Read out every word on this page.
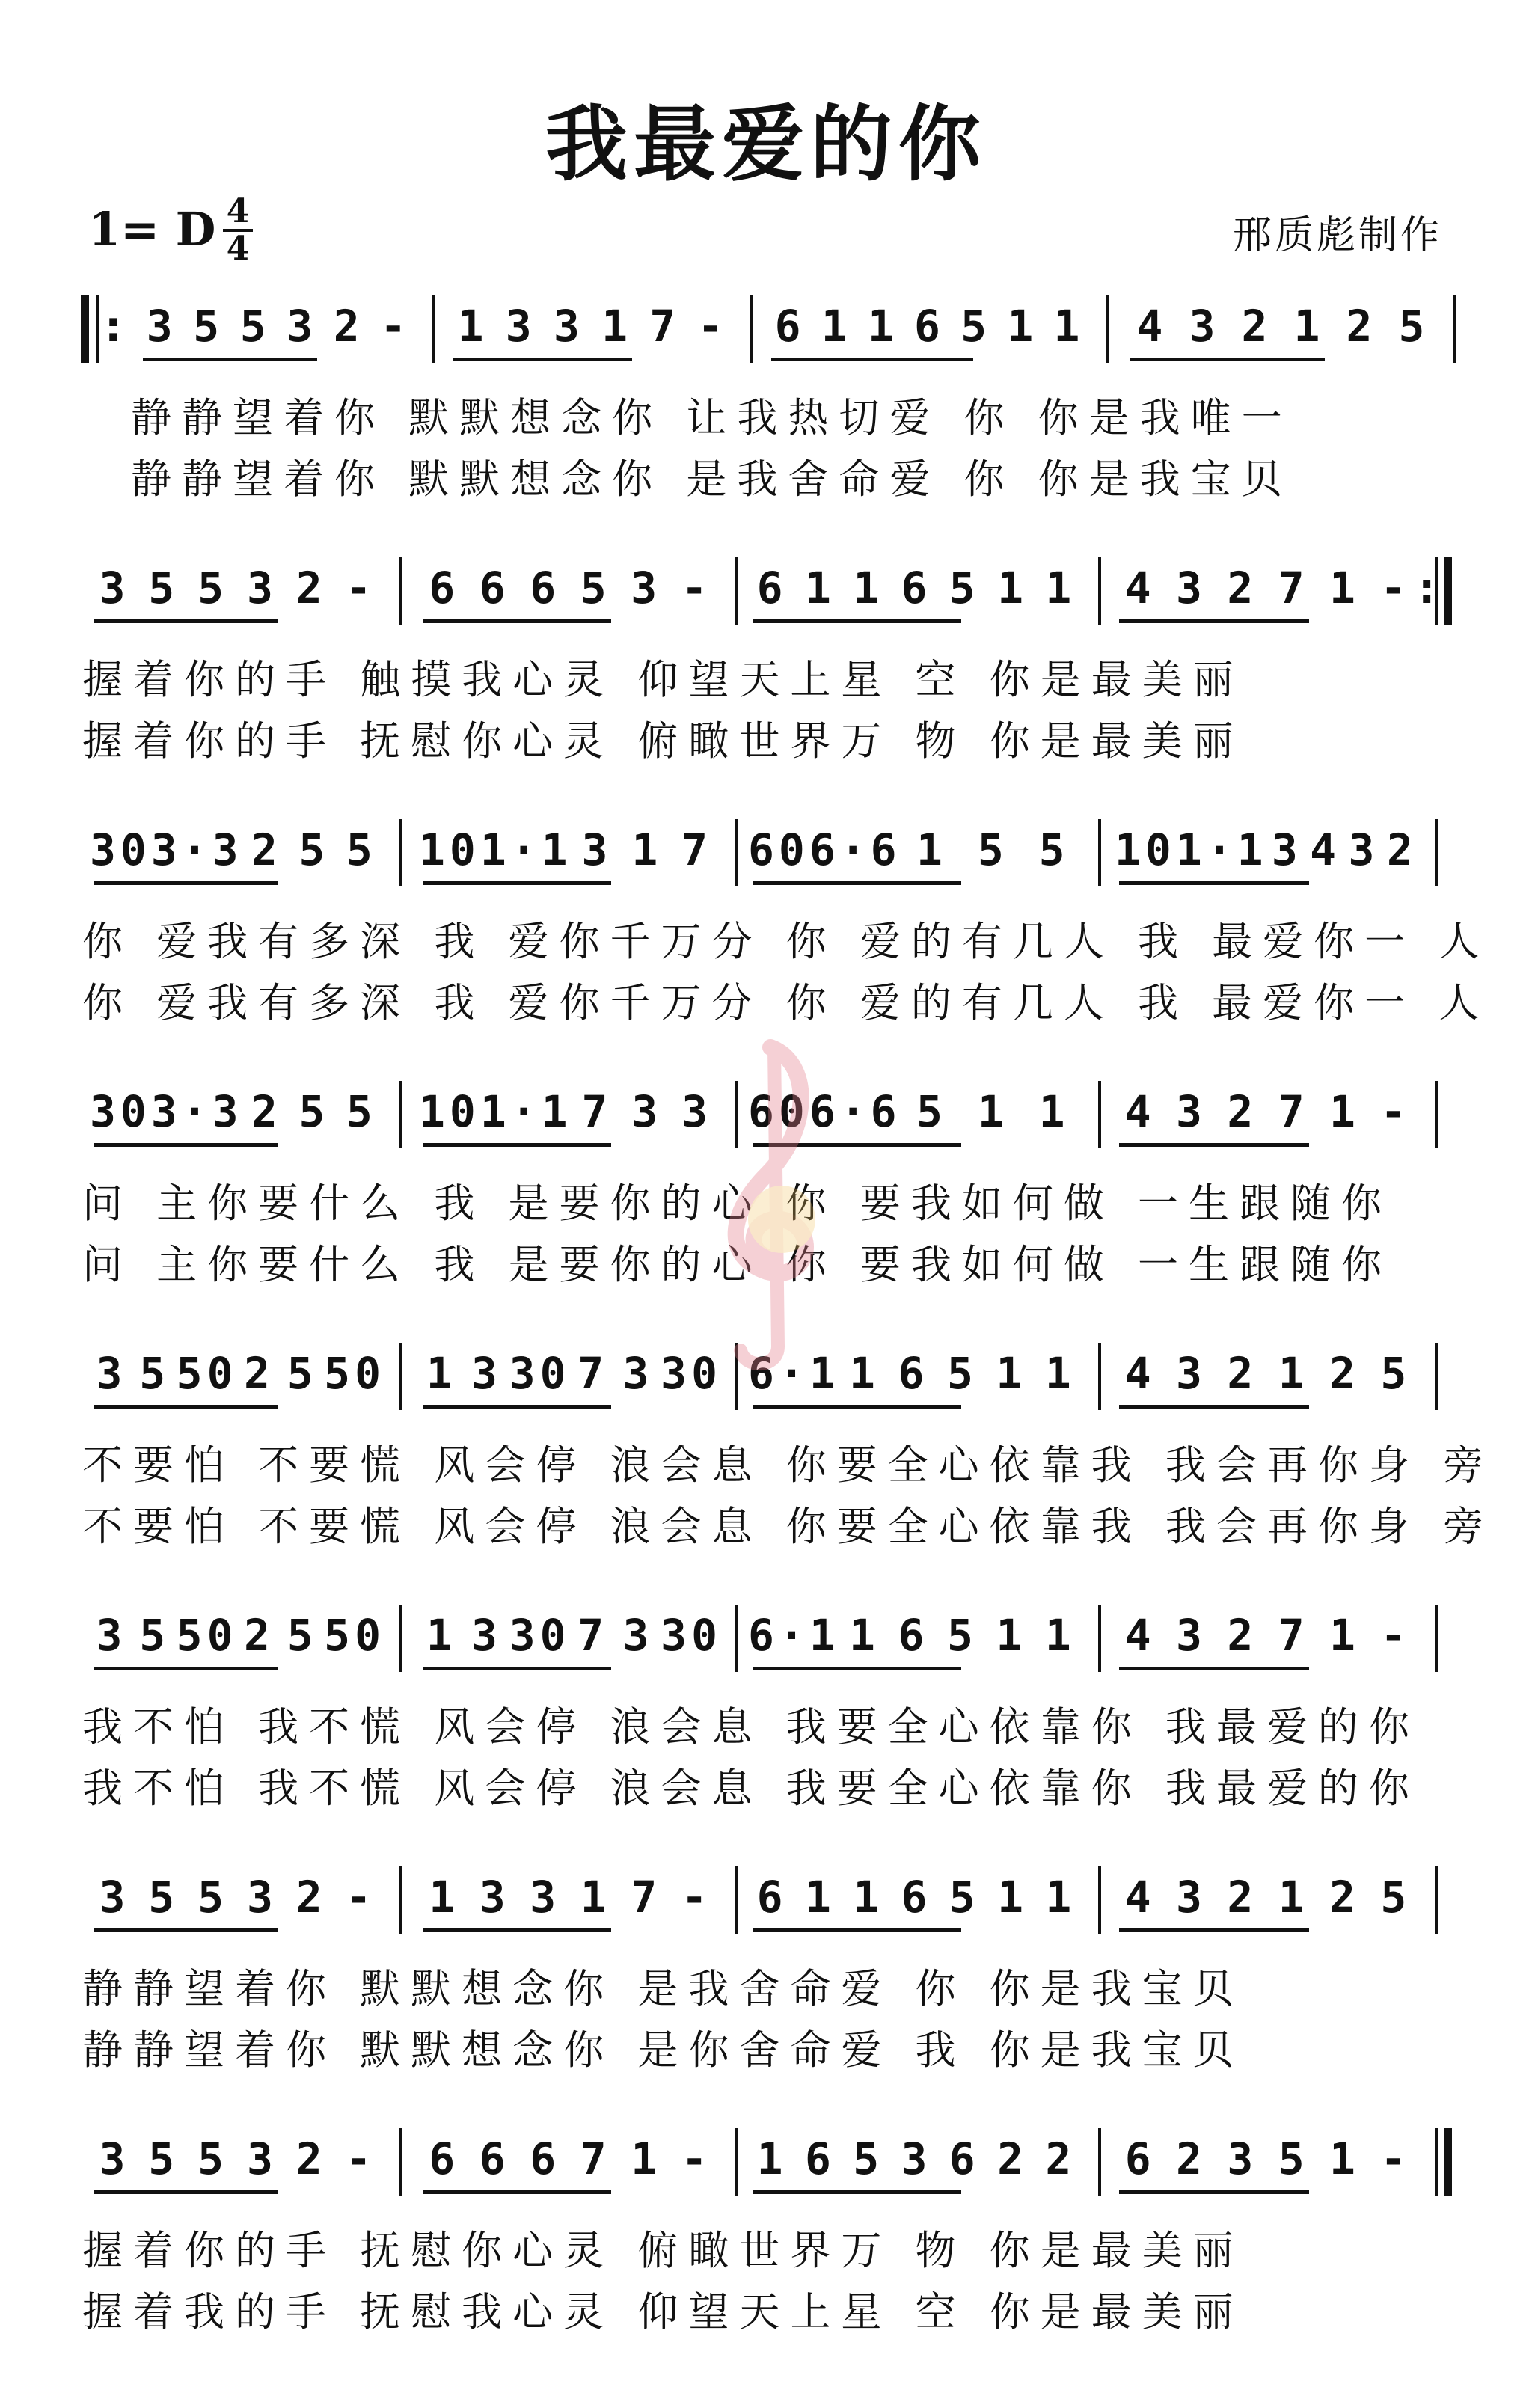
我最爱的你
1= D 4
4	邢质彪制作
: 3 5 5 3 2 - 1 3 3 1 7 - 6 1 1 6 5 1 1 4 3 2 1 2 5
静静望着你 默默想念你 让我热切爱 你 你是我唯一
静静望着你 默默想念你 是我舍命爱 你 你是我宝贝
:
3 5 5 3 2 - 6 6 6 5 3 - 6 1 1 6 5 1 1 4 3 2 7 1 -
握着你的手 触摸我心灵 仰望天上星 空 你是最美丽
握着你的手 抚慰你心灵 俯瞰世界万 物 你是最美丽
30 3·3 2 5 5 10 1·1 3 1 7 60 6·6 1 5 5	10 1·1 3 4 3 2
你 爱我有多深 我 爱你千万分 你 爱的有几人 我 最爱你一 人
你 爱我有多深 我 爱你千万分 你 爱的有几人 我 最爱你一 人
30 3·3 2 5 5 10 1·1 7 3 3 60 6·6 5 1 1	4 3 2 7 1 -
问 主你要什么 我 是要你的心 你 要我如何做 一生跟随你
问 主你要什么 我 是要你的心 你 要我如何做 一生跟随你
3 5 50 2 5 50 1 3 30 7 3 30 6·1 1 6 5 1 1 4 3 2 1 2 5
不要怕 不要慌 风会停 浪会息 你要全心依靠我 我会再你身 旁
不要怕 不要慌 风会停 浪会息 你要全心依靠我 我会再你身 旁
3 5 50 2 5 50 1 3 30 7 3 30 6·1 1 6 5 1 1 4 3 2 7 1 -
我不怕 我不慌 风会停 浪会息 我要全心依靠你 我最爱的你
我不怕 我不慌 风会停 浪会息 我要全心依靠你 我最爱的你
3 5 5 3 2 - 1 3 3 1 7 - 6 1 1 6 5 1 1 4 3 2 1 2 5
静静望着你 默默想念你 是我舍命爱 你 你是我宝贝
静静望着你 默默想念你 是你舍命爱 我 你是我宝贝
3 5 5 3 2 - 6 6 6 7 1 - 1 6 5 3 6 2 2 6 2 3 5 1 -
握着你的手 抚慰你心灵 俯瞰世界万 物 你是最美丽
握着我的手 抚慰我心灵 仰望天上星 空 你是最美丽
